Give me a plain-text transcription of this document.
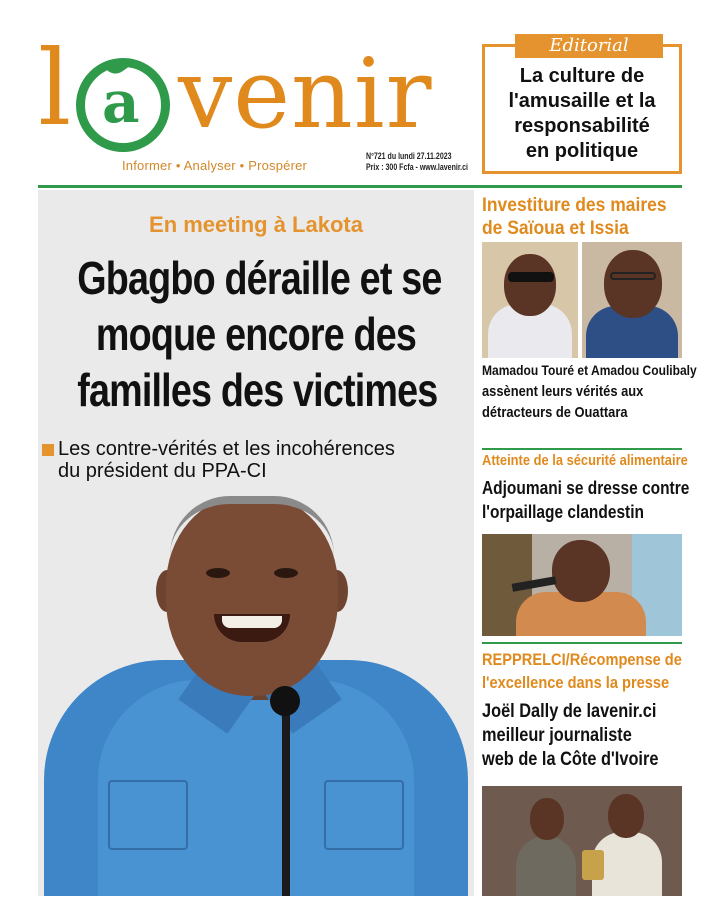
l a venir
Informer • Analyser • Prospérer
N°721 du lundi 27.11.2023
Prix : 300 Fcfa - www.lavenir.ci
Editorial
La culture de
l'amusaille et la
responsabilité
en politique
En meeting à Lakota
Gbagbo déraille et se
moque encore des
familles des victimes
Les contre-vérités et les incohérences
du président du PPA-CI
Investiture des maires
de Saïoua et Issia
Mamadou Touré et Amadou Coulibaly
assènent leurs vérités aux
détracteurs de Ouattara
Atteinte de la sécurité alimentaire
Adjoumani se dresse contre
l'orpaillage clandestin
REPPRELCI/Récompense de
l'excellence dans la presse
Joël Dally de lavenir.ci
meilleur journaliste
web de la Côte d'Ivoire
